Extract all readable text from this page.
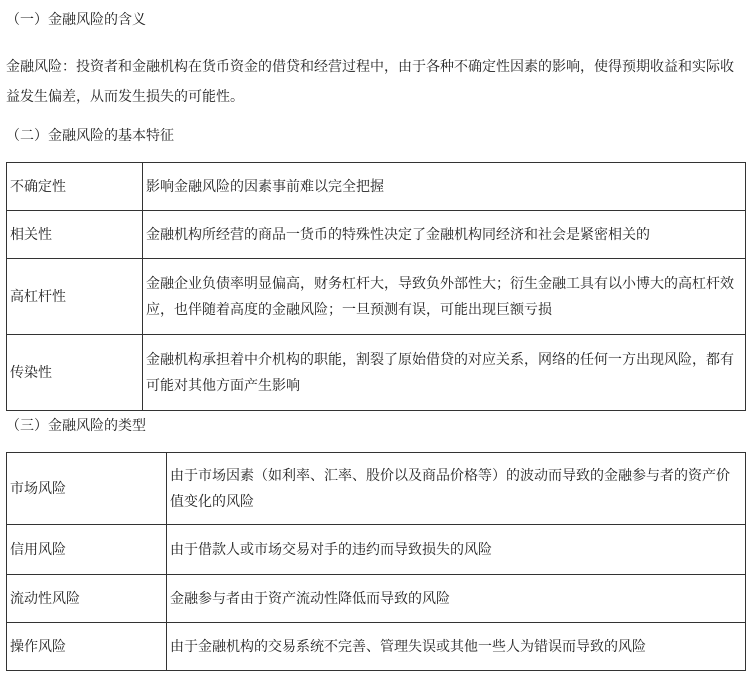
（一）金融风险的含义

金融风险：投资者和金融机构在货币资金的借贷和经营过程中，由于各种不确定性因素的影响，使得预期收益和实际收益发生偏差，从而发生损失的可能性。

（二）金融风险的基本特征
不确定性	影响金融风险的因素事前难以完全把握
相关性	金融机构所经营的商品一货币的特殊性决定了金融机构同经济和社会是紧密相关的
高杠杆性	金融企业负债率明显偏高，财务杠杆大，导致负外部性大；衍生金融工具有以小博大的高杠杆效应，也伴随着高度的金融风险；一旦预测有误，可能出现巨额亏损
传染性	金融机构承担着中介机构的职能，割裂了原始借贷的对应关系，网络的任何一方出现风险，都有可能对其他方面产生影响
（三）金融风险的类型
市场风险	由于市场因素（如利率、汇率、股价以及商品价格等）的波动而导致的金融参与者的资产价值变化的风险
信用风险	由于借款人或市场交易对手的违约而导致损失的风险
流动性风险	金融参与者由于资产流动性降低而导致的风险
操作风险	由于金融机构的交易系统不完善、管理失误或其他一些人为错误而导致的风险
